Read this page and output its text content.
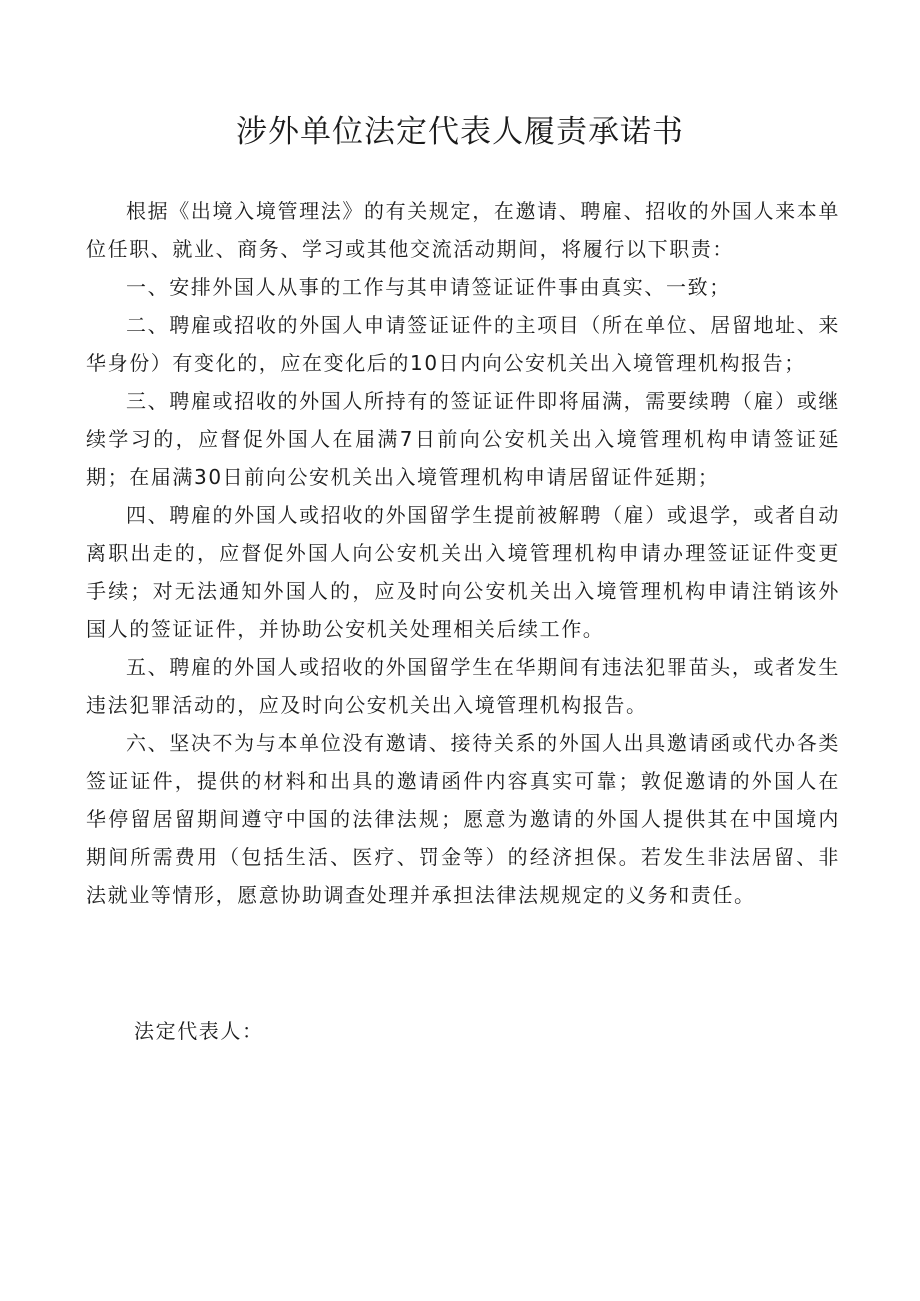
涉外单位法定代表人履责承诺书

根据《出境入境管理法》的有关规定，在邀请、聘雇、招收的外国人来本单位任职、就业、商务、学习或其他交流活动期间，将履行以下职责：

一、安排外国人从事的工作与其申请签证证件事由真实、一致；

二、聘雇或招收的外国人申请签证证件的主项目（所在单位、居留地址、来华身份）有变化的，应在变化后的10日内向公安机关出入境管理机构报告；

三、聘雇或招收的外国人所持有的签证证件即将届满，需要续聘（雇）或继续学习的，应督促外国人在届满7日前向公安机关出入境管理机构申请签证延期；在届满30日前向公安机关出入境管理机构申请居留证件延期；

四、聘雇的外国人或招收的外国留学生提前被解聘（雇）或退学，或者自动离职出走的，应督促外国人向公安机关出入境管理机构申请办理签证证件变更手续；对无法通知外国人的，应及时向公安机关出入境管理机构申请注销该外国人的签证证件，并协助公安机关处理相关后续工作。

五、聘雇的外国人或招收的外国留学生在华期间有违法犯罪苗头，或者发生违法犯罪活动的，应及时向公安机关出入境管理机构报告。

六、坚决不为与本单位没有邀请、接待关系的外国人出具邀请函或代办各类签证证件，提供的材料和出具的邀请函件内容真实可靠；敦促邀请的外国人在华停留居留期间遵守中国的法律法规；愿意为邀请的外国人提供其在中国境内期间所需费用（包括生活、医疗、罚金等）的经济担保。若发生非法居留、非法就业等情形，愿意协助调查处理并承担法律法规规定的义务和责任。

法定代表人：
